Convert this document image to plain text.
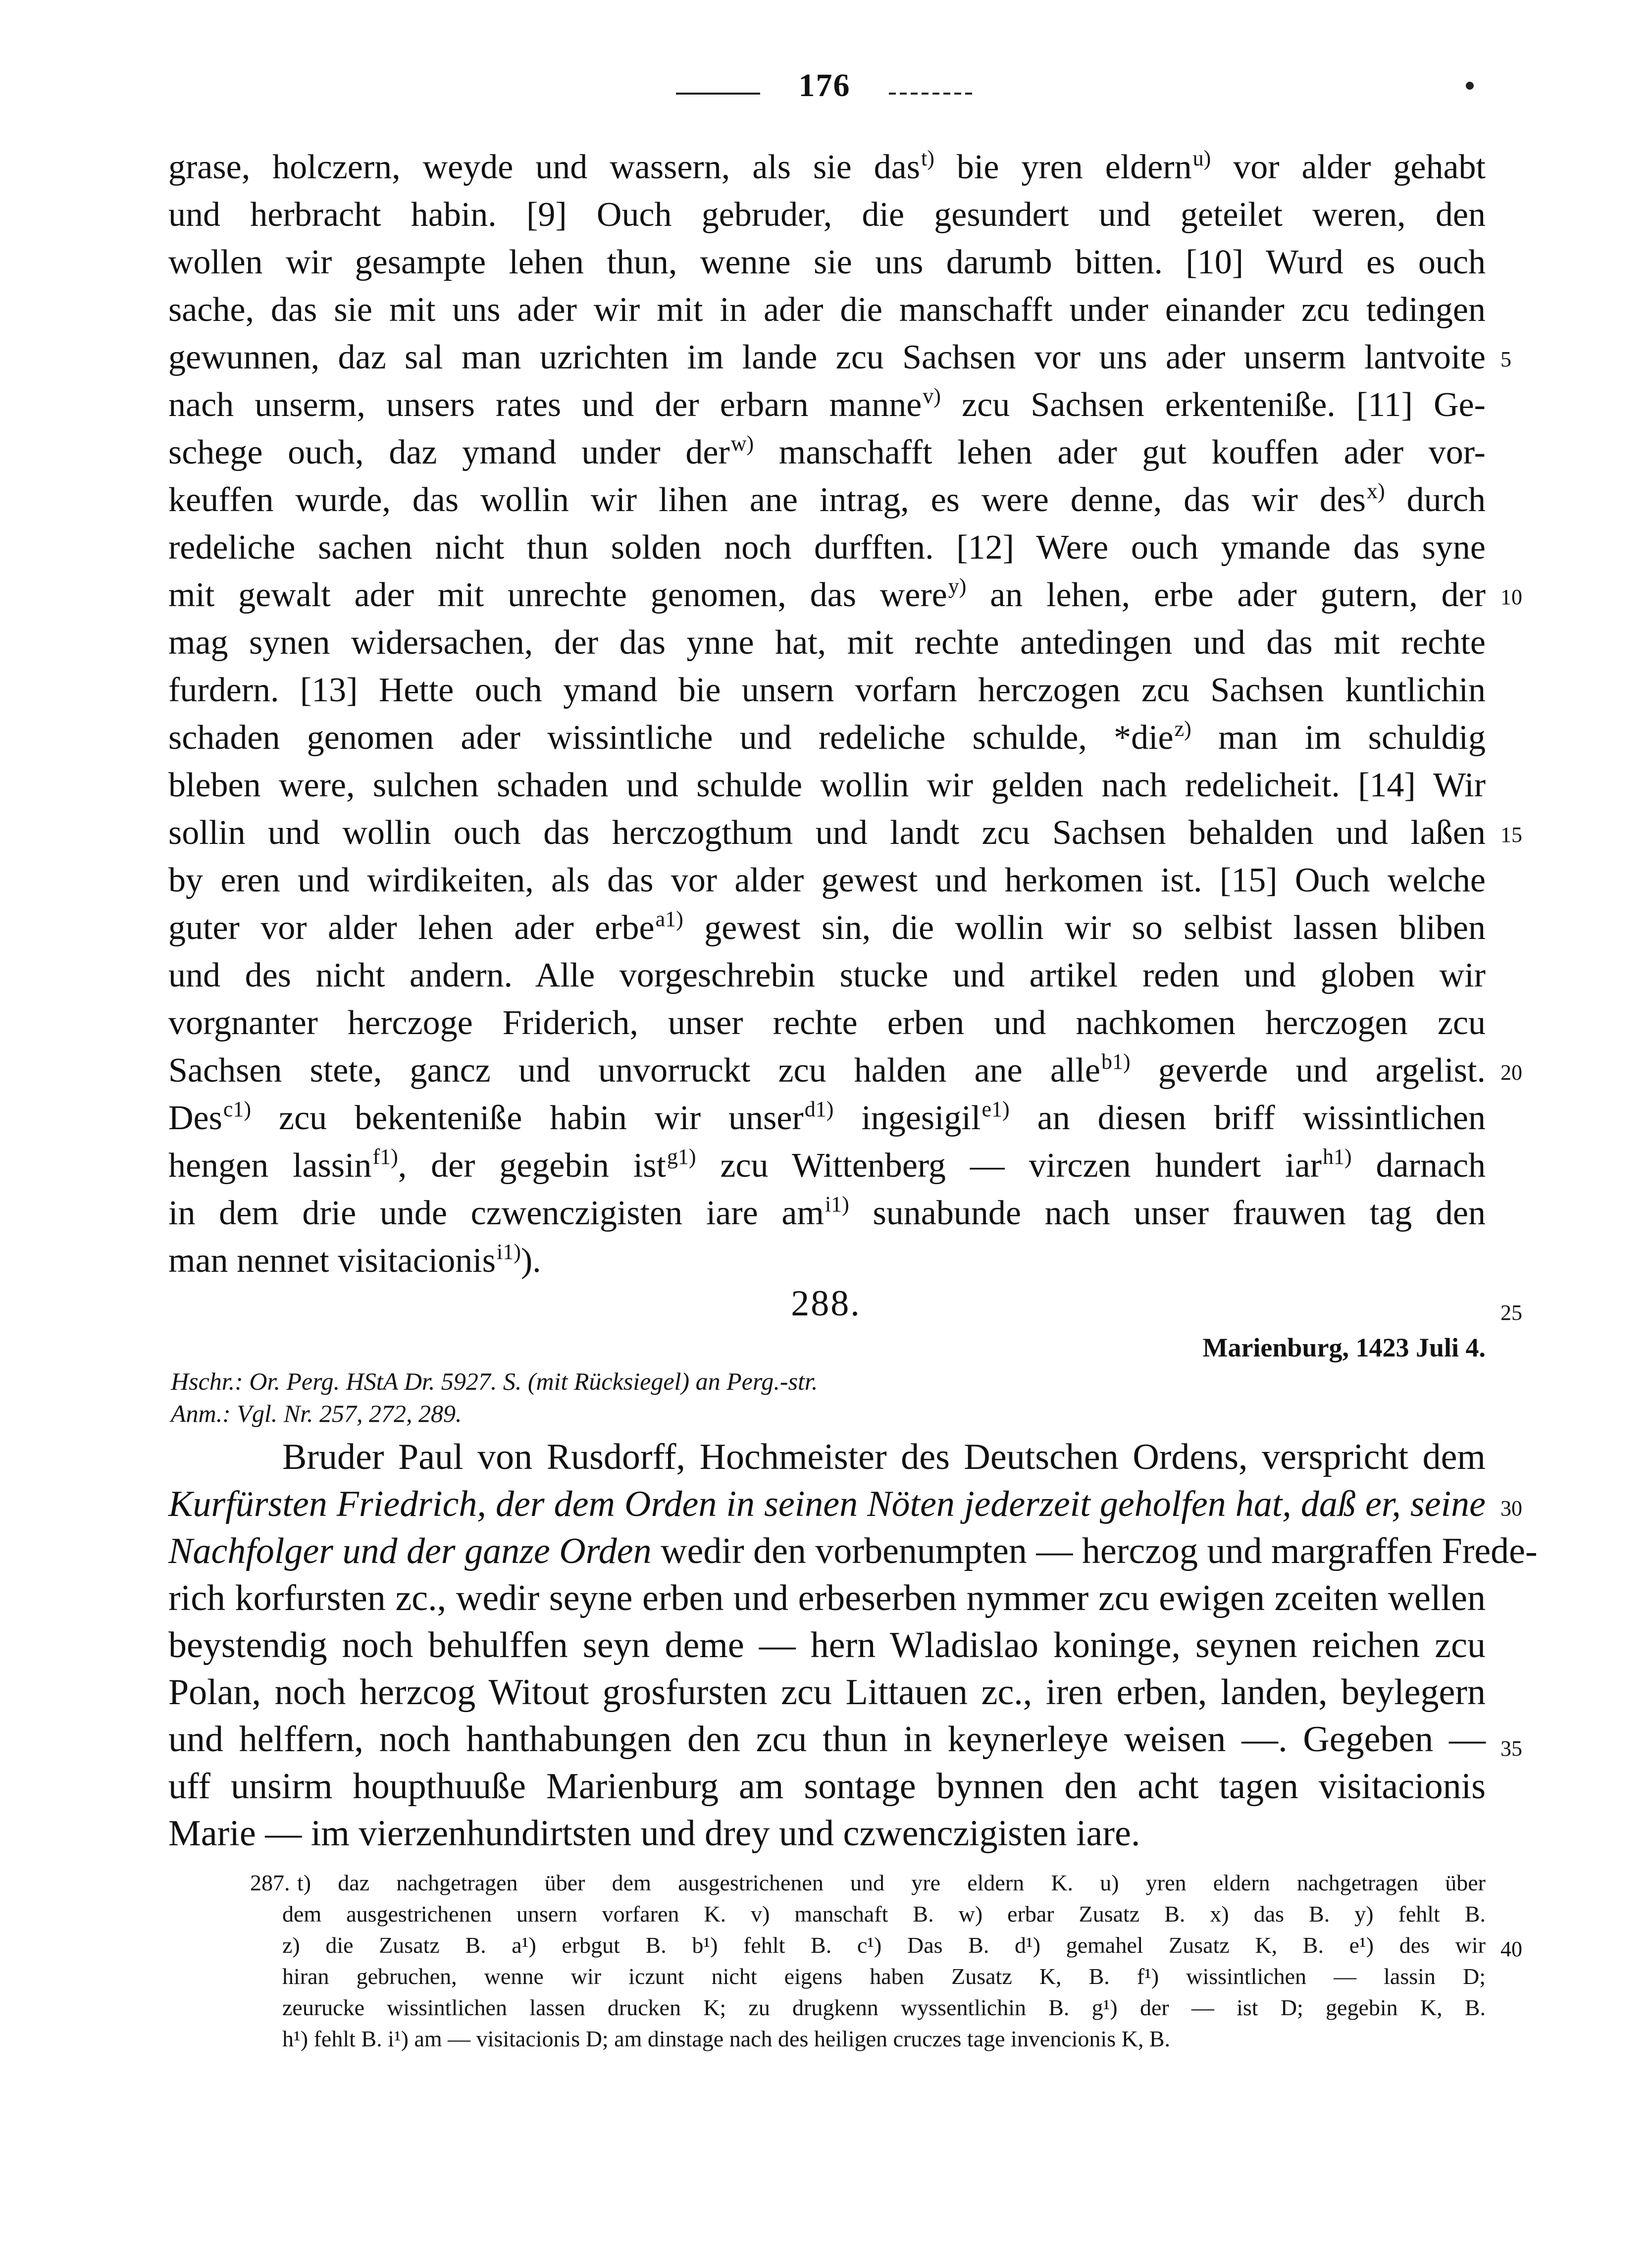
176
grase, holczern, weyde und wassern, als sie das$^{t)}$ bie yren eldern$^{u)}$ vor alder gehabt
und herbracht habin. [9] Ouch gebruder, die gesundert und geteilet weren, den
wollen wir gesampte lehen thun, wenne sie uns darumb bitten. [10] Wurd es ouch
sache, das sie mit uns ader wir mit in ader die manschafft under einander zcu tedingen
gewunnen, daz sal man uzrichten im lande zcu Sachsen vor uns ader unserm lantvoite
nach unserm, unsers rates und der erbarn manne$^{v)}$ zcu Sachsen erkenteniße. [11] Ge-
schege ouch, daz ymand under der$^{w)}$ manschafft lehen ader gut kouffen ader vor-
keuffen wurde, das wollin wir lihen ane intrag, es were denne, das wir des$^{x)}$ durch
redeliche sachen nicht thun solden noch durfften. [12] Were ouch ymande das syne
mit gewalt ader mit unrechte genomen, das were$^{y)}$ an lehen, erbe ader gutern, der
mag synen widersachen, der das ynne hat, mit rechte antedingen und das mit rechte
furdern. [13] Hette ouch ymand bie unsern vorfarn herczogen zcu Sachsen kuntlichin
schaden genomen ader wissintliche und redeliche schulde, *die$^{z)}$ man im schuldig
bleben were, sulchen schaden und schulde wollin wir gelden nach redelicheit. [14] Wir
sollin und wollin ouch das herczogthum und landt zcu Sachsen behalden und laßen
by eren und wirdikeiten, als das vor alder gewest und herkomen ist. [15] Ouch welche
guter vor alder lehen ader erbe$^{a1)}$ gewest sin, die wollin wir so selbist lassen bliben
und des nicht andern. Alle vorgeschrebin stucke und artikel reden und globen wir
vorgnanter herczoge Friderich, unser rechte erben und nachkomen herczogen zcu
Sachsen stete, gancz und unvorruckt zcu halden ane alle$^{b1)}$ geverde und argelist.
Des$^{c1)}$ zcu bekenteniße habin wir unser$^{d1)}$ ingesigil$^{e1)}$ an diesen briff wissintlichen
hengen lassin$^{f1)}$, der gegebin ist$^{g1)}$ zcu Wittenberg — virczen hundert iar$^{h1)}$ darnach
in dem drie unde czwenczigisten iare $am^{i1)}$ sunabunde nach unser frauwen tag den
man nennet visitacionis$^{i1)}$).
5
10
15
20
25
30
35
40
288.
Marienburg, 1423 Juli 4.
Hschr.: Or. Perg. HStA Dr. 5927. S. (mit Rücksiegel) an Perg.-str.
Anm.: Vgl. Nr. 257, 272, 289.
Bruder Paul von Rusdorff, Hochmeister des Deutschen Ordens, verspricht dem
Kurfürsten Friedrich, der dem Orden in seinen Nöten jederzeit geholfen hat, daß er, seine
Nachfolger und der ganze Orden wedir den vorbenumpten — herczog und margraffen Frede-
rich korfursten zc., wedir seyne erben und erbeserben nymmer zcu ewigen zceiten wellen
beystendig noch behulffen seyn deme — hern Wladislao koninge, seynen reichen zcu
Polan, noch herzcog Witout grosfursten zcu Littauen zc., iren erben, landen, beylegern
und helffern, noch hanthabungen den zcu thun in keynerleye weisen —. Gegeben —
uff unsirm houpthuuße Marienburg am sontage bynnen den acht tagen visitacionis
Marie — im vierzenhundirtsten und drey und czwenczigisten iare.
287. t) daz nachgetragen über dem ausgestrichenen und yre eldern K. u) yren eldern nachgetragen über
dem ausgestrichenen unsern vorfaren K. v) manschaft B. w) erbar Zusatz B. x) das B. y) fehlt B.
z) die Zusatz B. a¹) erbgut B. b¹) fehlt B. c¹) Das B. d¹) gemahel Zusatz K, B. e¹) des wir
hiran gebruchen, wenne wir iczunt nicht eigens haben Zusatz K, B. f¹) wissintlichen — lassin D;
zeurucke wissintlichen lassen drucken K; zu drugkenn wyssentlichin B. g¹) der — ist D; gegebin K, B.
h¹) fehlt B. i¹) am — visitacionis D; am dinstage nach des heiligen cruczes tage invencionis K, B.
